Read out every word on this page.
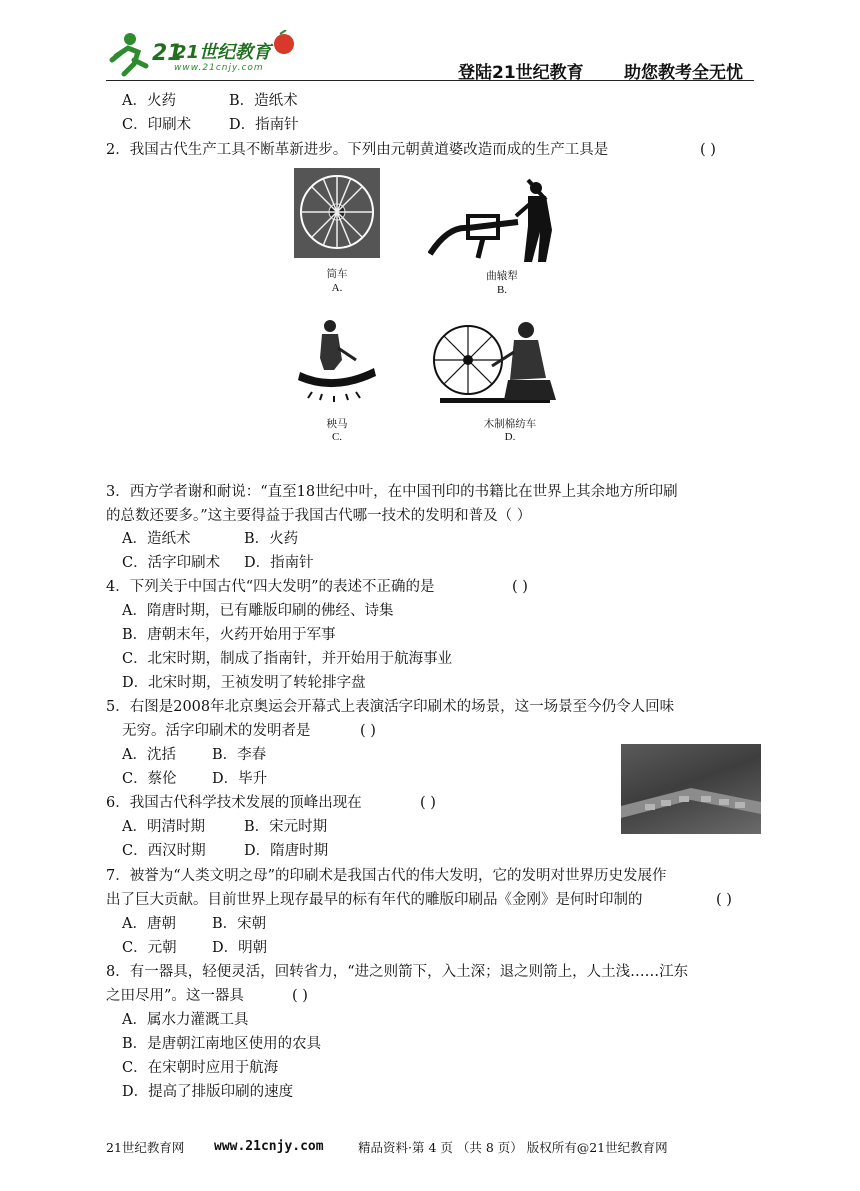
21
21世纪教育
www.21cnjy.com	登陆21世纪教育 助您教考全无忧
A．火药	B．造纸术
C．印刷术	D．指南针
2．我国古代生产工具不断革新进步。下列由元朝黄道婆改造而成的生产工具是	( )
筒车
A.
曲辕犁
B.
秧马
C.
木制棉纺车
D.
3．西方学者谢和耐说：“直至18世纪中叶，在中国刊印的书籍比在世界上其余地方所印刷
的总数还要多。”这主要得益于我国古代哪一技术的发明和普及（ ）
A．造纸术	B．火药
C．活字印刷术 D．指南针
4．下列关于中国古代“四大发明”的表述不正确的是	( )
A．隋唐时期，已有雕版印刷的佛经、诗集
B．唐朝末年，火药开始用于军事
C．北宋时期，制成了指南针，并开始用于航海事业
D．北宋时期，王祯发明了转轮排字盘
5．右图是2008年北京奥运会开幕式上表演活字印刷术的场景，这一场景至今仍令人回味
无穷。活字印刷术的发明者是	( )
A．沈括 B．李春
C．蔡伦 D．毕升
6．我国古代科学技术发展的顶峰出现在	( )
A．明清时期	B．宋元时期
C．西汉时期	D．隋唐时期
7．被誉为“人类文明之母”的印刷术是我国古代的伟大发明，它的发明对世界历史发展作
出了巨大贡献。目前世界上现存最早的标有年代的雕版印刷品《金刚》是何时印制的	( )
A．唐朝 B．宋朝
C．元朝 D．明朝
8．有一器具，轻便灵活，回转省力，“进之则箭下，入土深；退之则箭上，人土浅……江东
之田尽用”。这一器具	( )
A．属水力灌溉工具
B．是唐朝江南地区使用的农具
C．在宋朝时应用于航海
D．提高了排版印刷的速度
21世纪教育网 www.21cnjy.com	精品资料·第 4 页 （共 8 页） 版权所有@21世纪教育网
